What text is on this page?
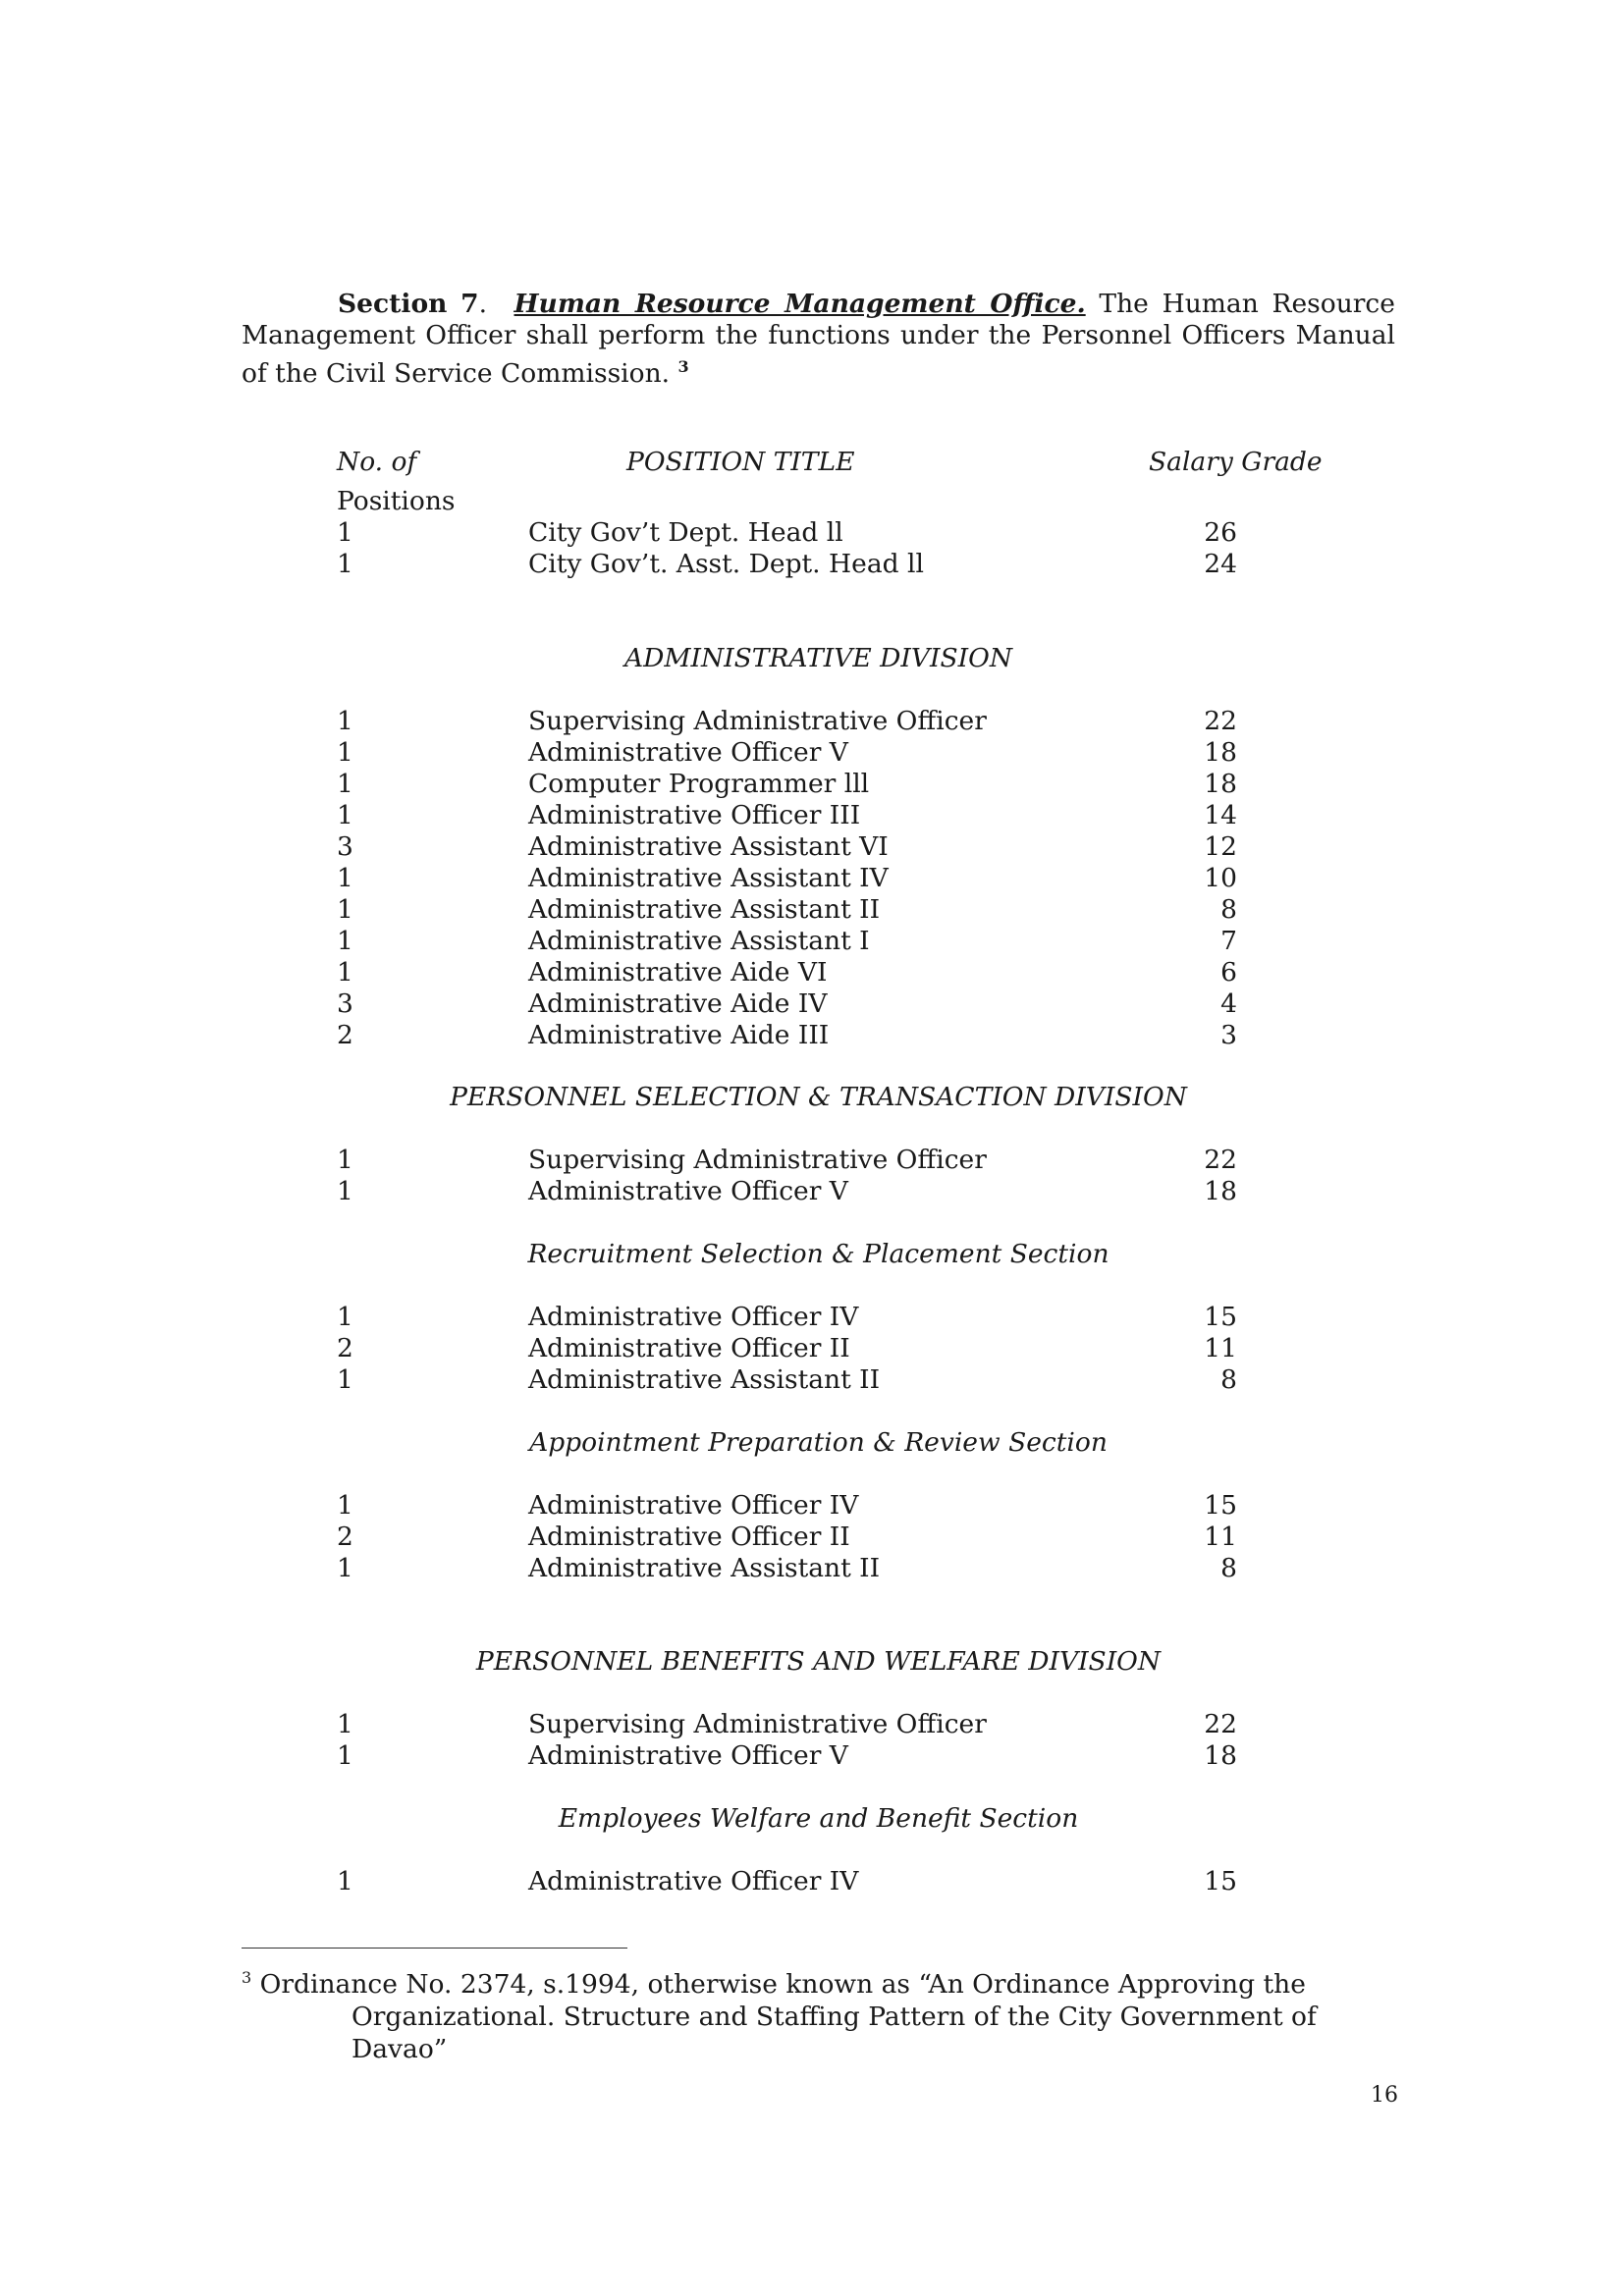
Section 7.  Human Resource Management Office. The Human Resource Management Officer shall perform the functions under the Personnel Officers Manual of the Civil Service Commission. $^3$

No. of
Positions
POSITION TITLE	Salary Grade
1	City Gov’t Dept. Head ll	26
1	City Gov’t. Asst. Dept. Head ll	24
ADMINISTRATIVE DIVISION
1	Supervising Administrative Officer	22
1	Administrative Officer V	18
1	Computer Programmer lll	18
1	Administrative Officer III	14
3	Administrative Assistant VI	12
1	Administrative Assistant IV	10
1	Administrative Assistant II	8
1	Administrative Assistant I	7
1	Administrative Aide VI	6
3	Administrative Aide IV	4
2	Administrative Aide III	3
PERSONNEL SELECTION & TRANSACTION DIVISION
1	Supervising Administrative Officer	22
1	Administrative Officer V	18
Recruitment Selection & Placement Section
1	Administrative Officer IV	15
2	Administrative Officer II	11
1	Administrative Assistant II	8
Appointment Preparation & Review Section
1	Administrative Officer IV	15
2	Administrative Officer II	11
1	Administrative Assistant II	8
PERSONNEL BENEFITS AND WELFARE DIVISION
1	Supervising Administrative Officer	22
1	Administrative Officer V	18
Employees Welfare and Benefit Section
1	Administrative Officer IV	15
$^3$ Ordinance No. 2374, s.1994, otherwise known as “An Ordinance Approving the
Organizational. Structure and Staffing Pattern of the City Government of Davao”
16
